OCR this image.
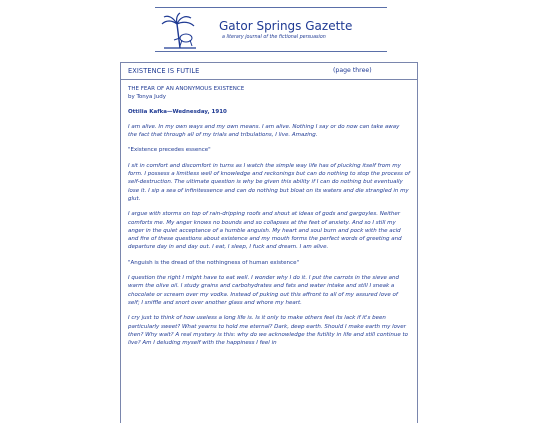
Gator Springs Gazette
a literary journal of the fictional persuasion
EXISTENCE IS FUTILE	(page three)

THE FEAR OF AN ANONYMOUS EXISTENCE
by Tonya Judy

Ottilia Kafka—Wednesday, 1910

I am alive. In my own ways and my own means. I am alive. Nothing I say or do now can take away the fact that through all of my trials and tribulations, I live. Amazing.

"Existence precedes essence"

I sit in comfort and discomfort in turns as I watch the simple way life has of plucking itself from my form. I possess a limitless well of knowledge and reckonings but can do nothing to stop the process of self-destruction. The ultimate question is why be given this ability if I can do nothing but eventually lose it. I sip a sea of infinitessence and can do nothing but bloat on its waters and die strangled in my glut.

I argue with storms on top of rain-dripping roofs and shout at ideas of gods and gargoyles. Neither comforts me. My anger knows no bounds and so collapses at the feet of anxiety. And so I still my anger in the quiet acceptance of a humble anguish. My heart and soul burn and pock with the acid and fire of these questions about existence and my mouth forms the perfect words of greeting and departure day in and day out. I eat, I sleep, I fuck and dream. I am alive.

"Anguish is the dread of the nothingness of human existence"

I question the right I might have to eat well. I wonder why I do it. I put the carrots in the sieve and warm the olive oil. I study grains and carbohydrates and fats and water intake and still I sneak a chocolate or scream over my vodka. Instead of puking out this affront to all of my assured love of self; I sniffle and snort over another glass and whore my heart.

I cry just to think of how useless a long life is. Is it only to make others feel its lack if it's been particularly sweet? What yearns to hold me eternal? Dark, deep earth. Should I make earth my lover then? Why wait? A real mystery is this: why do we acknowledge the futility in life and still continue to live? Am I deluding myself with the happiness I feel in
